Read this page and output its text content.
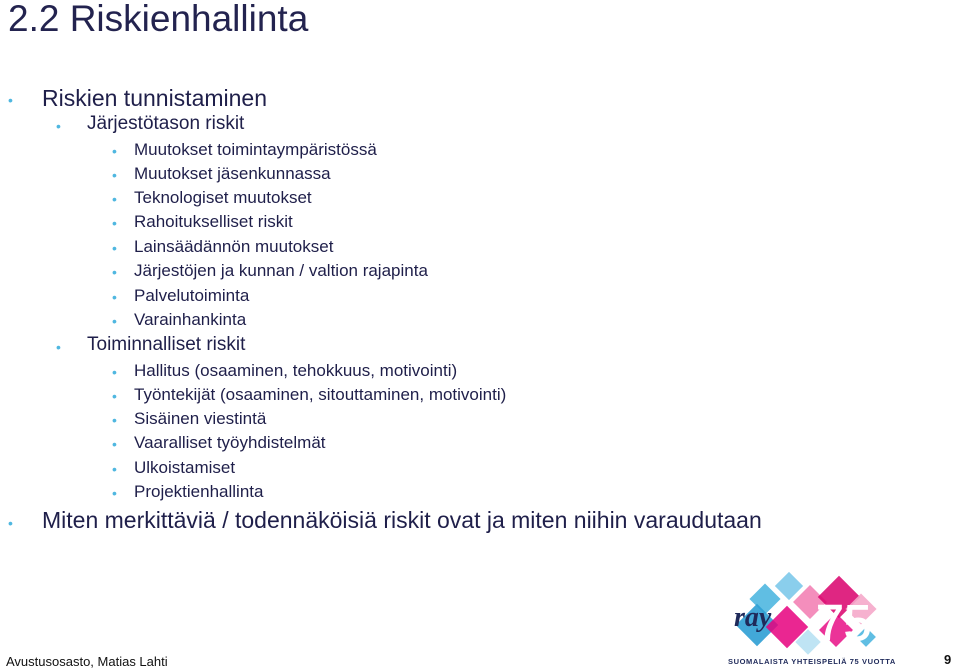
2.2 Riskienhallinta
• Riskien tunnistaminen
• Järjestötason riskit
• Muutokset toimintaympäristössä
• Muutokset jäsenkunnassa
• Teknologiset muutokset
• Rahoitukselliset riskit
• Lainsäädännön muutokset
• Järjestöjen ja kunnan / valtion rajapinta
• Palvelutoiminta
• Varainhankinta
• Toiminnalliset riskit
• Hallitus (osaaminen, tehokkuus, motivointi)
• Työntekijät (osaaminen, sitouttaminen, motivointi)
• Sisäinen viestintä
• Vaaralliset työyhdistelmät
• Ulkoistamiset
• Projektienhallinta
• Miten merkittäviä / todennäköisiä riskit ovat ja miten niihin varaudutaan
ray 75
SUOMALAISTA YHTEISPELIÄ 75 VUOTTA
Avustusosasto, Matias Lahti	9
